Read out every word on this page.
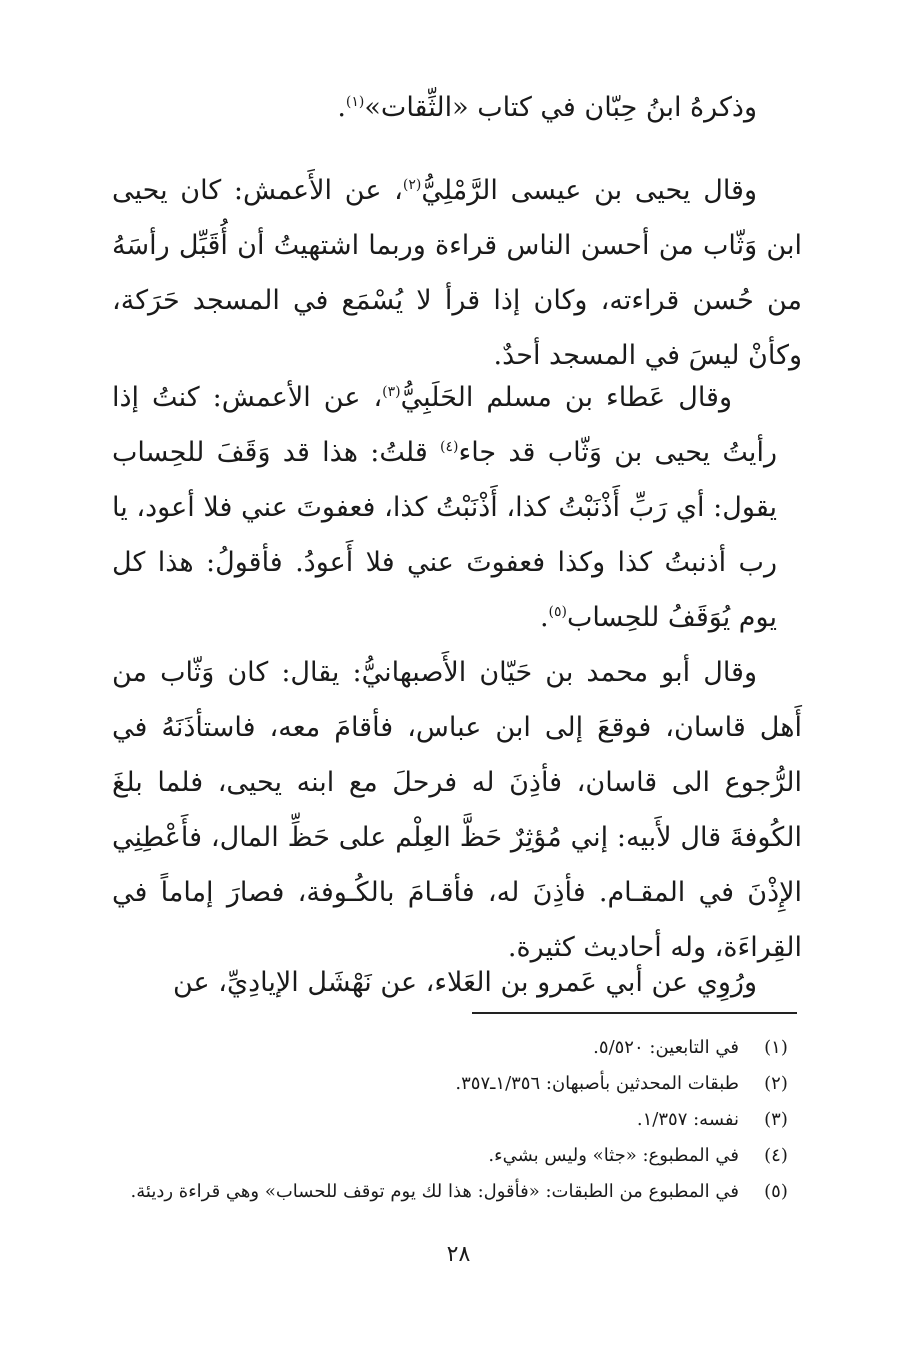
وذكرهُ ابنُ حِبّان في كتاب «الثِّقات»$^{(١)}$.

وقال يحيى بن عيسى الرَّمْلِيُّ$^{(٢)}$، عن الأَعمش: كان يحيى ابن وَثّاب من أحسن الناس قراءة وربما اشتهيتُ أن أُقَبِّل رأسَهُ من حُسن قراءته، وكان إذا قرأ لا يُسْمَع في المسجد حَرَكة، وكأنْ ليسَ في المسجد أحدٌ.

وقال عَطاء بن مسلم الحَلَبِيُّ$^{(٣)}$، عن الأعمش: كنتُ إذا رأيتُ يحيى بن وَثّاب قد جاء$^{(٤)}$ قلتُ: هذا قد وَقَفَ للحِساب يقول: أي رَبِّ أَذْنَبْتُ كذا، أَذْنَبْتُ كذا، فعفوتَ عني فلا أعود، يا رب أذنبتُ كذا وكذا فعفوتَ عني فلا أَعودُ. فأقولُ: هذا كل يوم يُوَقَفُ للحِساب$^{(٥)}$.

وقال أبو محمد بن حَيّان الأَصبهانيُّ: يقال: كان وَثّاب من أَهل قاسان، فوقعَ إلى ابن عباس، فأقامَ معه، فاستأذَنَهُ في الرُّجوع الى قاسان، فأذِنَ له فرحلَ مع ابنه يحيى، فلما بلغَ الكُوفةَ قال لأَبيه: إني مُؤثِرٌ حَظَّ العِلْم على حَظِّ المال، فأَعْطِنِي الإِذْنَ في المقـام. فأذِنَ له، فأقـامَ بالكُـوفة، فصارَ إماماً في القِراءَة، وله أحاديث كثيرة.

ورُوِي عن أبي عَمرو بن العَلاء، عن نَهْشَل الإيادِيِّ، عن

(١)
في التابعين: ٥/٥٢٠.
(٢)
طبقات المحدثين بأصبهان: ١/٣٥٦ـ٣٥٧.
(٣)
نفسه: ١/٣٥٧.
(٤)
في المطبوع: «جثا» وليس بشيء.
(٥)
في المطبوع من الطبقات: «فأقول: هذا لك يوم توقف للحساب» وهي قراءة رديئة.
٢٨
